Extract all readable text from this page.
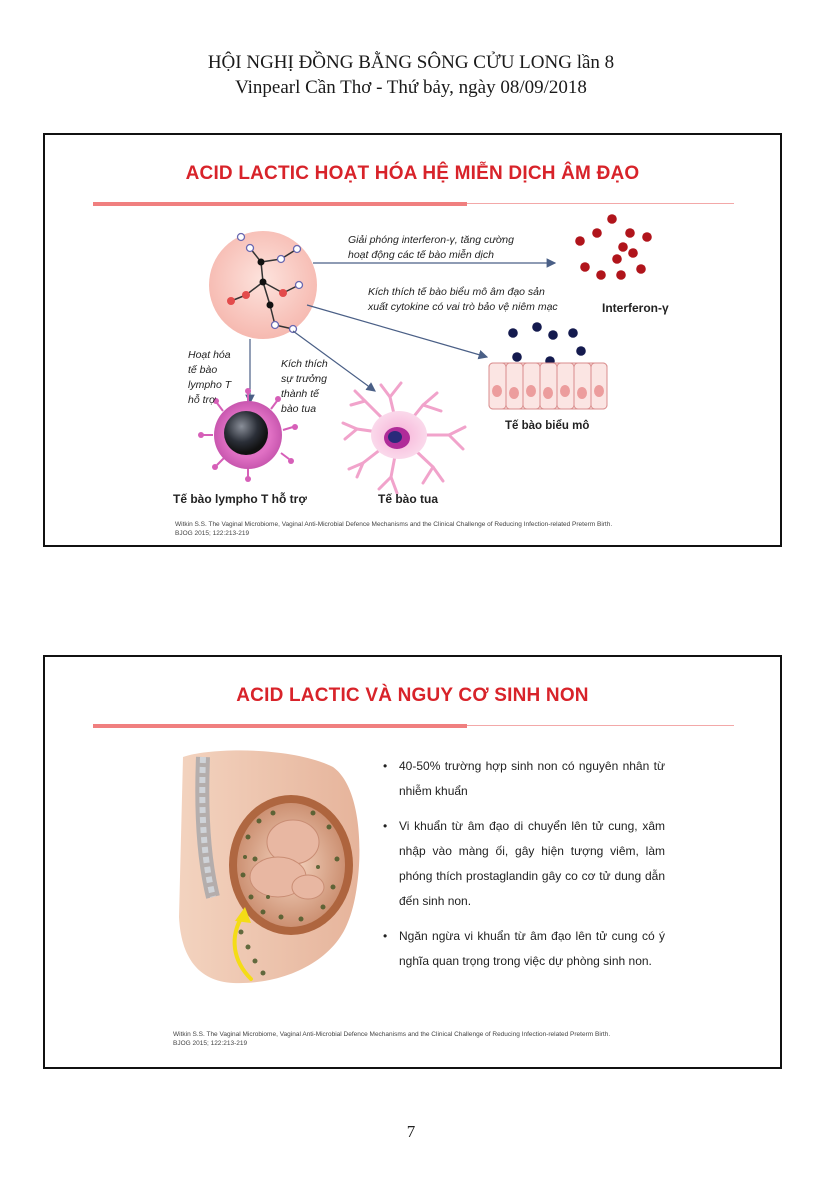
HỘI NGHỊ ĐỒNG BẰNG SÔNG CỬU LONG lần 8
Vinpearl Cần Thơ - Thứ bảy, ngày 08/09/2018
ACID LACTIC HOẠT HÓA HỆ MIỄN DỊCH ÂM ĐẠO
Giải phóng interferon-γ, tăng cường
hoạt động các tế bào miễn dịch
Kích thích tế bào biểu mô âm đạo sản
xuất cytokine có vai trò bảo vệ niêm mạc	Interferon-γ
Hoạt hóa
tế bào
lympho T
hỗ trợ
Kích thích
sự trưởng
thành tế
bào tua
Tế bào biểu mô
Tế bào lympho T hỗ trợ	Tế bào tua
Witkin S.S. The Vaginal Microbiome, Vaginal Anti-Microbial Defence Mechanisms and the Clinical Challenge of Reducing Infection-related Preterm Birth.
BJOG 2015; 122:213-219
ACID LACTIC VÀ NGUY CƠ SINH NON
• 40-50% trường hợp sinh non có nguyên nhân từ nhiễm khuẩn
• Vi khuẩn từ âm đạo di chuyển lên tử cung, xâm nhập vào màng ối, gây hiện tượng viêm, làm phóng thích prostaglandin gây co cơ tử dung dẫn đến sinh non.
• Ngăn ngừa vi khuẩn từ âm đạo lên tử cung có ý nghĩa quan trọng trong việc dự phòng sinh non.
Witkin S.S. The Vaginal Microbiome, Vaginal Anti-Microbial Defence Mechanisms and the Clinical Challenge of Reducing Infection-related Preterm Birth.
BJOG 2015; 122:213-219
7
